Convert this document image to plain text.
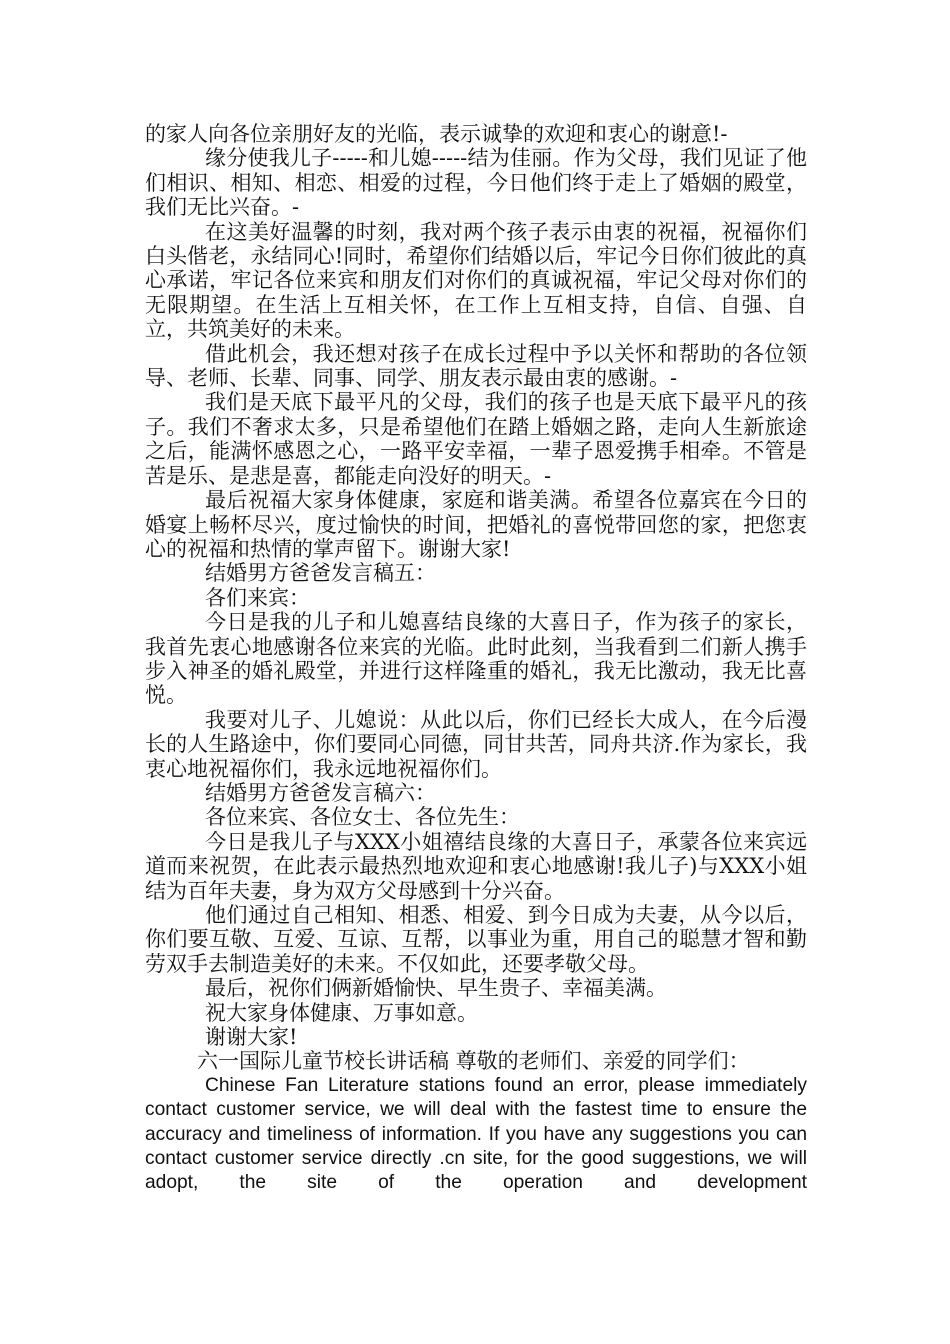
的家人向各位亲朋好友的光临，表示诚挚的欢迎和衷心的谢意!-

缘分使我儿子-----和儿媳-----结为佳丽。作为父母，我们见证了他们相识、相知、相恋、相爱的过程，今日他们终于走上了婚姻的殿堂，我们无比兴奋。-

在这美好温馨的时刻，我对两个孩子表示由衷的祝福，祝福你们白头偕老，永结同心!同时，希望你们结婚以后，牢记今日你们彼此的真心承诺，牢记各位来宾和朋友们对你们的真诚祝福，牢记父母对你们的无限期望。在生活上互相关怀，在工作上互相支持，自信、自强、自立，共筑美好的未来。

借此机会，我还想对孩子在成长过程中予以关怀和帮助的各位领导、老师、长辈、同事、同学、朋友表示最由衷的感谢。-

我们是天底下最平凡的父母，我们的孩子也是天底下最平凡的孩子。我们不奢求太多，只是希望他们在踏上婚姻之路，走向人生新旅途之后，能满怀感恩之心，一路平安幸福，一辈子恩爱携手相牵。不管是苦是乐、是悲是喜，都能走向没好的明天。-

最后祝福大家身体健康，家庭和谐美满。希望各位嘉宾在今日的婚宴上畅杯尽兴，度过愉快的时间，把婚礼的喜悦带回您的家，把您衷心的祝福和热情的掌声留下。谢谢大家!

结婚男方爸爸发言稿五：

各们来宾：

今日是我的儿子和儿媳喜结良缘的大喜日子，作为孩子的家长，我首先衷心地感谢各位来宾的光临。此时此刻，当我看到二们新人携手步入神圣的婚礼殿堂，并进行这样隆重的婚礼，我无比激动，我无比喜悦。

我要对儿子、儿媳说：从此以后，你们已经长大成人，在今后漫长的人生路途中，你们要同心同德，同甘共苦，同舟共济.作为家长，我衷心地祝福你们，我永远地祝福你们。

结婚男方爸爸发言稿六：

各位来宾、各位女士、各位先生：

今日是我儿子与XXX小姐禧结良缘的大喜日子，承蒙各位来宾远道而来祝贺，在此表示最热烈地欢迎和衷心地感谢!我儿子)与XXX小姐结为百年夫妻，身为双方父母感到十分兴奋。

他们通过自己相知、相悉、相爱、到今日成为夫妻，从今以后，你们要互敬、互爱、互谅、互帮，以事业为重，用自己的聪慧才智和勤劳双手去制造美好的未来。不仅如此，还要孝敬父母。

最后，祝你们俩新婚愉快、早生贵子、幸福美满。

祝大家身体健康、万事如意。

谢谢大家!

六一国际儿童节校长讲话稿 尊敬的老师们、亲爱的同学们：

Chinese Fan Literature stations found an error, please immediately contact customer service, we will deal with the fastest time to ensure the accuracy and timeliness of information. If you have any suggestions you can contact customer service directly .cn site, for the good suggestions, we will adopt, the site of the operation and development
